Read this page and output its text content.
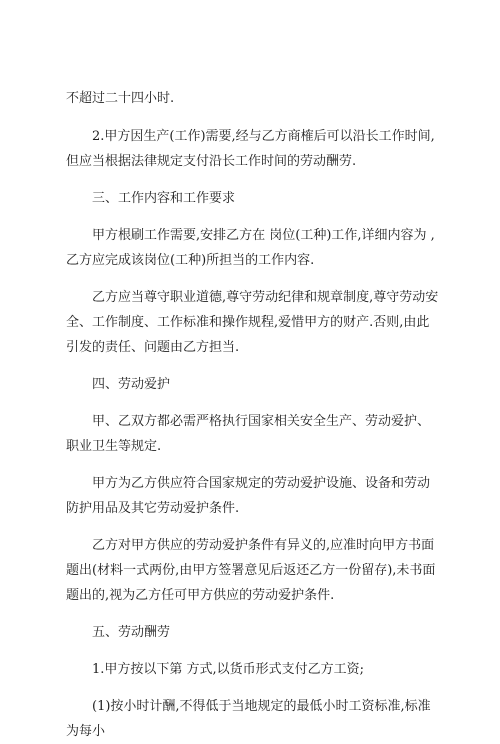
不超过二十四小时.

2.甲方因生产(工作)需要,经与乙方商榷后可以沿长工作时间,但应当根据法律规定支付沿长工作时间的劳动酬劳.

三、工作内容和工作要求

甲方根刷工作需要,安排乙方在 岗位(工种)工作,详细内容为 ,乙方应完成该岗位(工种)所担当的工作内容.

乙方应当尊守职业道德,尊守劳动纪律和规章制度,尊守劳动安全、工作制度、工作标准和操作规程,爱惜甲方的财产.否则,由此引发的责任、问题由乙方担当.

四、劳动爱护

甲、乙双方都必需严格执行国家相关安全生产、劳动爱护、职业卫生等规定.

甲方为乙方供应符合国家规定的劳动爱护设施、设备和劳动防护用品及其它劳动爱护条件.

乙方对甲方供应的劳动爱护条件有异义的,应准时向甲方书面题出(材料一式两份,由甲方签署意见后返还乙方一份留存),未书面题出的,视为乙方任可甲方供应的劳动爱护条件.

五、劳动酬劳

1.甲方按以下第 方式,以货币形式支付乙方工资;

(1)按小时计酬,不得低于当地规定的最低小时工资标准,标准为每小
